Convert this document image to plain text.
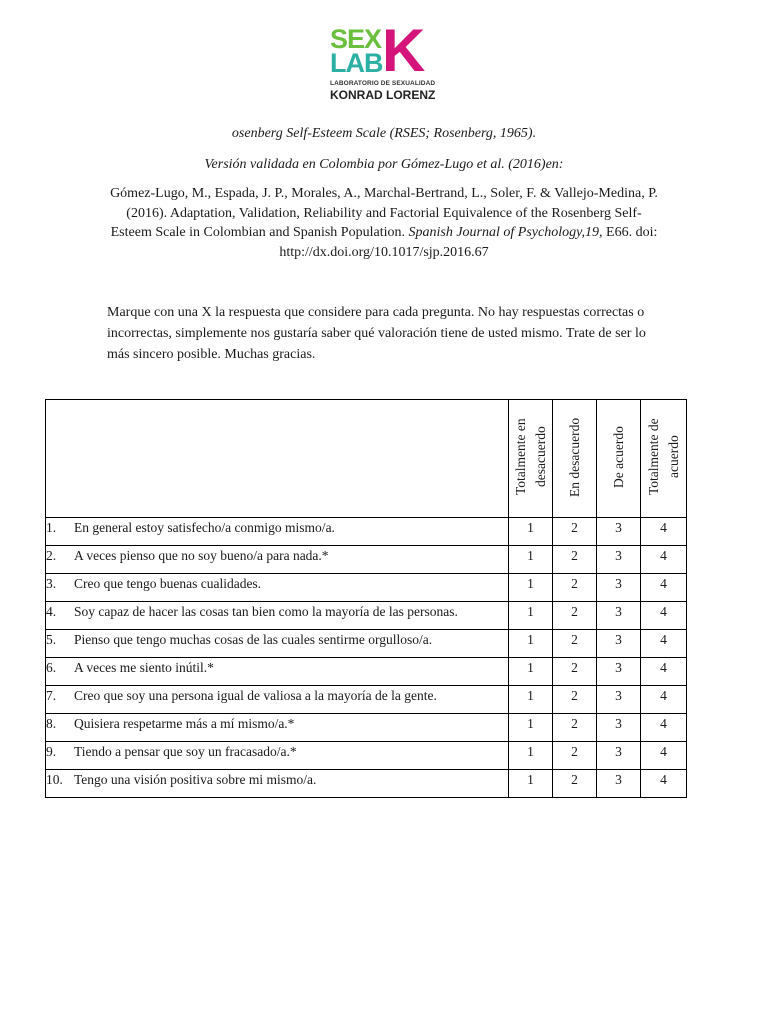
SEX
LAB K
LABORATORIO DE SEXUALIDAD
KONRAD LORENZ
osenberg Self-Esteem Scale (RSES; Rosenberg, 1965).
Versión validada en Colombia por Gómez-Lugo et al. (2016)en:
Gómez-Lugo, M., Espada, J. P., Morales, A., Marchal-Bertrand, L., Soler, F. & Vallejo-Medina, P. (2016). Adaptation, Validation, Reliability and Factorial Equivalence of the Rosenberg Self-Esteem Scale in Colombian and Spanish Population. Spanish Journal of Psychology,19, E66. doi: http://dx.doi.org/10.1017/sjp.2016.67
Marque con una X la respuesta que considere para cada pregunta. No hay respuestas correctas o incorrectas, simplemente nos gustaría saber qué valoración tiene de usted mismo. Trate de ser lo más sincero posible. Muchas gracias.
	Totalmente en desacuerdo	En desacuerdo	De acuerdo	Totalmente de acuerdo
1. En general estoy satisfecho/a conmigo mismo/a.	1	2	3	4
2. A veces pienso que no soy bueno/a para nada.*	1	2	3	4
3. Creo que tengo buenas cualidades.	1	2	3	4
4. Soy capaz de hacer las cosas tan bien como la mayoría de las personas.	1	2	3	4
5. Pienso que tengo muchas cosas de las cuales sentirme orgulloso/a.	1	2	3	4
6. A veces me siento inútil.*	1	2	3	4
7. Creo que soy una persona igual de valiosa a la mayoría de la gente.	1	2	3	4
8. Quisiera respetarme más a mí mismo/a.*	1	2	3	4
9. Tiendo a pensar que soy un fracasado/a.*	1	2	3	4
10. Tengo una visión positiva sobre mi mismo/a.	1	2	3	4
